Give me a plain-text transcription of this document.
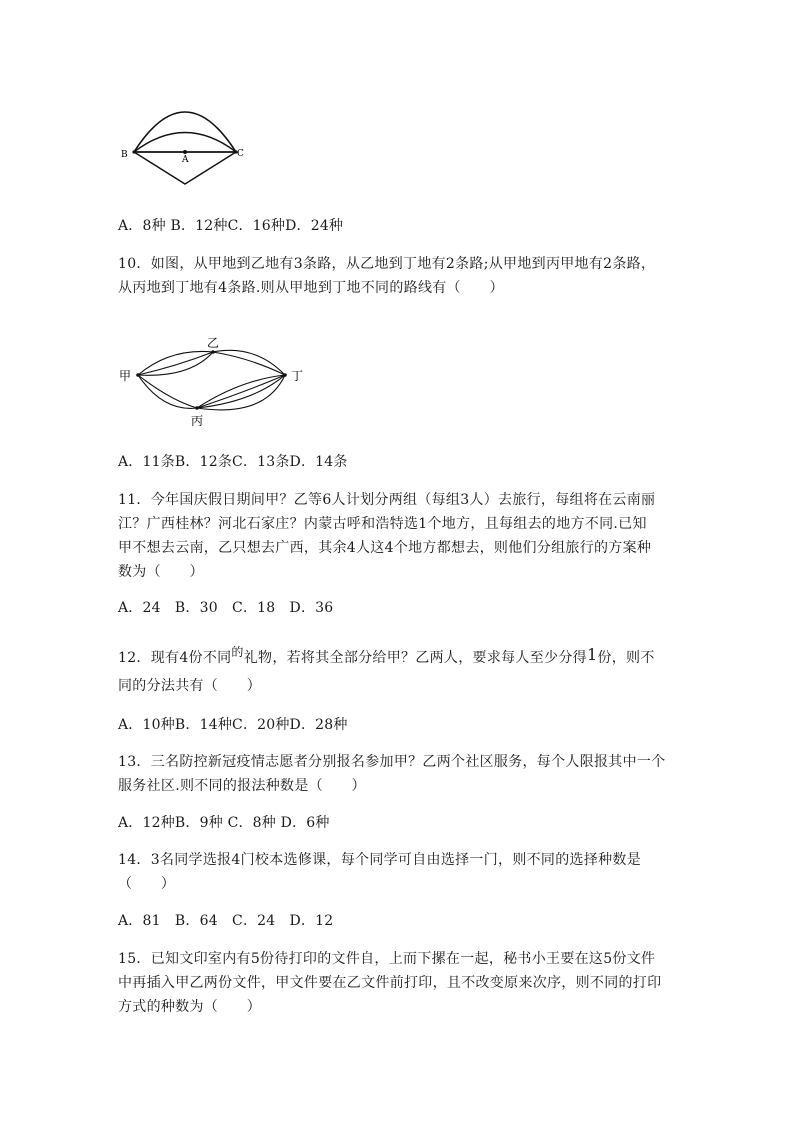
B	A
C
A．8种 B．12种C．16种D．24种
10．如图，从甲地到乙地有3条路，从乙地到丁地有2条路;从甲地到丙甲地有2条路，
从丙地到丁地有4条路.则从甲地到丁地不同的路线有（　　）
甲
乙
丁
丙
A．11条B．12条C．13条D．14条
11．今年国庆假日期间甲？乙等6人计划分两组（每组3人）去旅行，每组将在云南丽
江？广西桂林？河北石家庄？内蒙古呼和浩特选1个地方，且每组去的地方不同.已知
甲不想去云南，乙只想去广西，其余4人这4个地方都想去，则他们分组旅行的方案种
数为（　　）
A．24　B．30　C．18　D．36
12．现有4份不同的礼物，若将其全部分给甲？乙两人，要求每人至少分得1份，则不
同的分法共有（　　）
A．10种B．14种C．20种D．28种
13．三名防控新冠疫情志愿者分别报名参加甲？乙两个社区服务，每个人限报其中一个
服务社区.则不同的报法种数是（　　）
A．12种B．9种 C．8种 D．6种
14．3名同学选报4门校本选修课，每个同学可自由选择一门，则不同的选择种数是
（　　）
A．81　B．64　C．24　D．12
15．已知文印室内有5份待打印的文件自，上而下摞在一起，秘书小王要在这5份文件
中再插入甲乙两份文件，甲文件要在乙文件前打印，且不改变原来次序，则不同的打印
方式的种数为（　　）
